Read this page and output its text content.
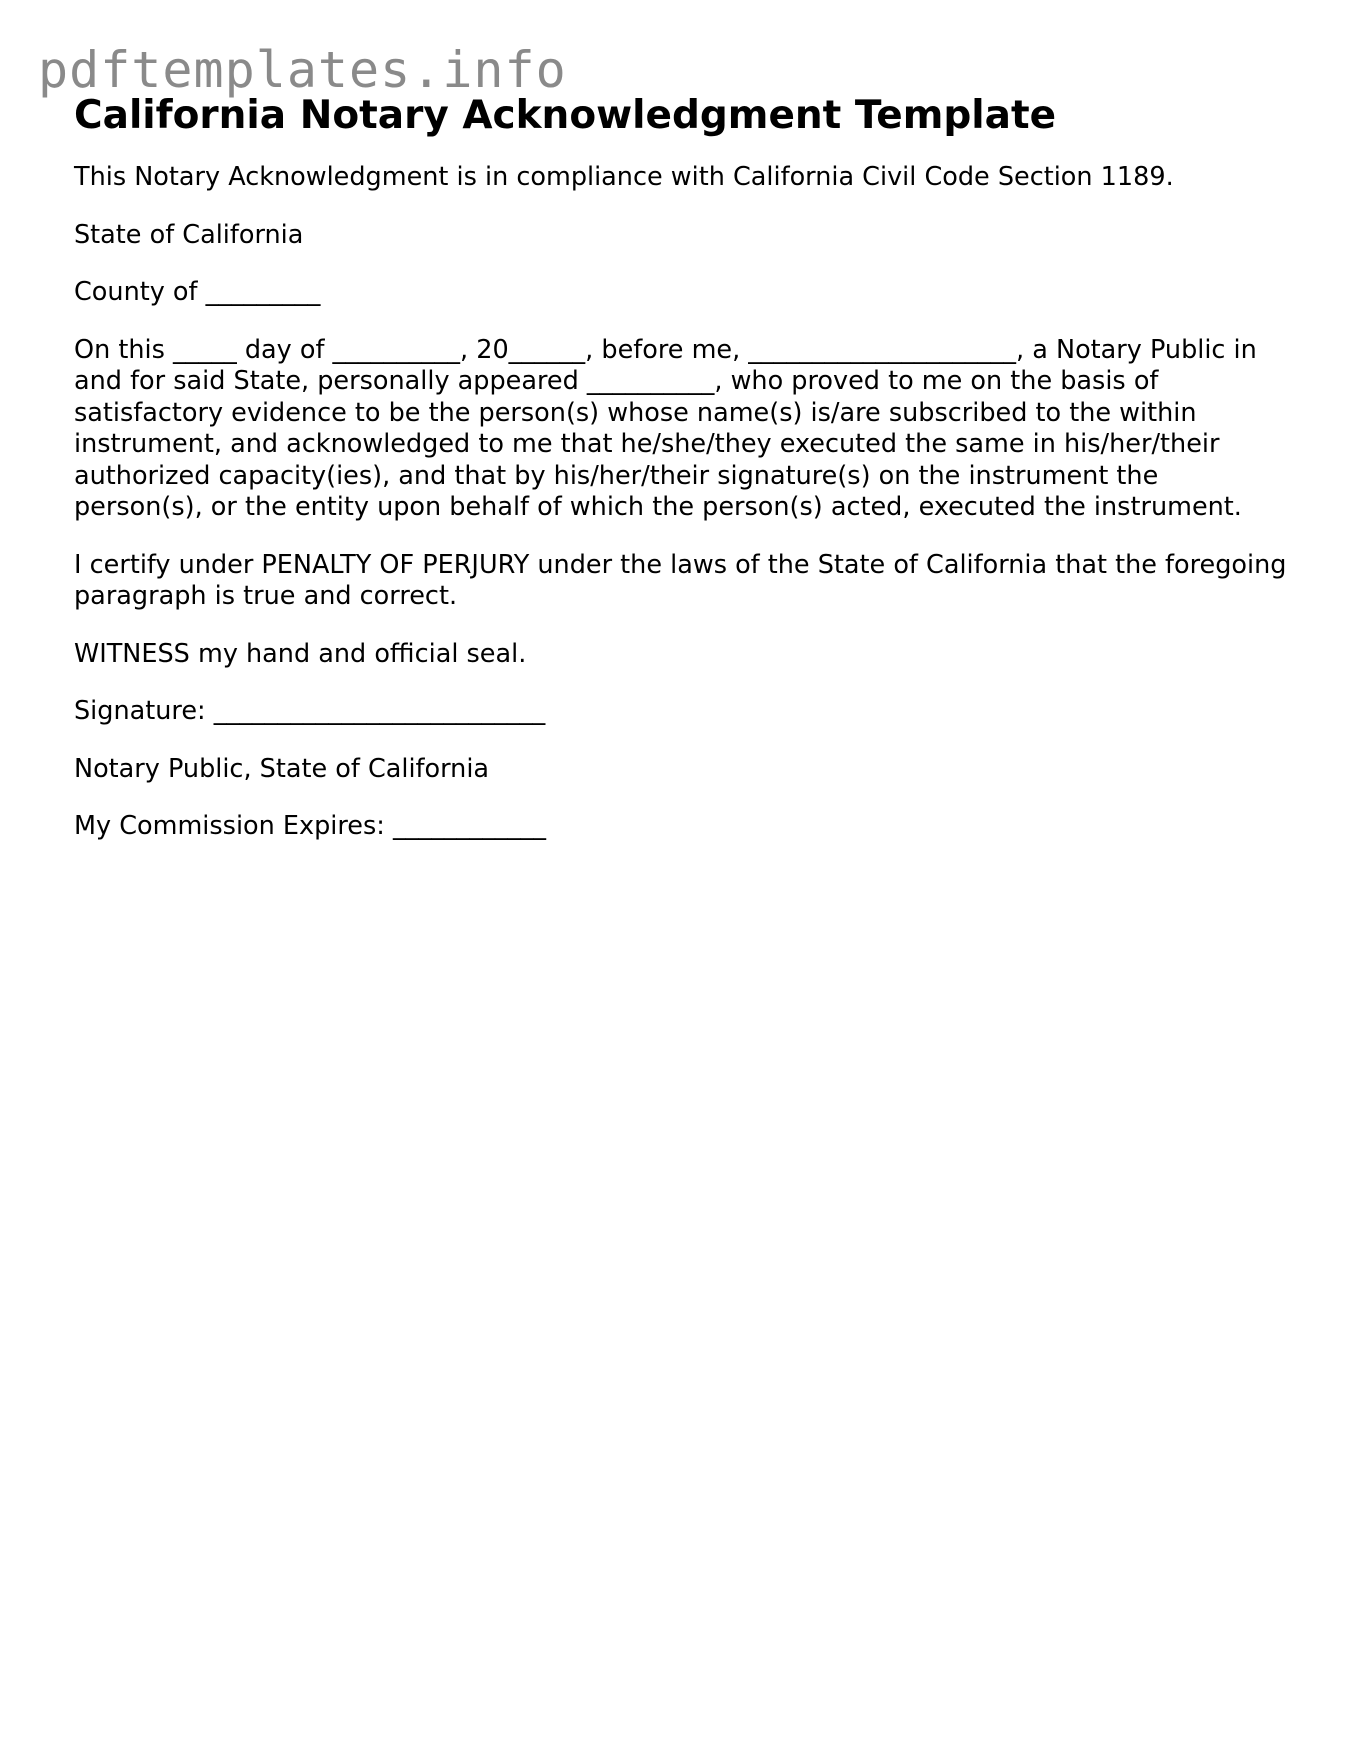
pdftemplates.info
California Notary Acknowledgment Template

This Notary Acknowledgment is in compliance with California Civil Code Section 1189.

State of California

County of _________

On this _____ day of __________, 20______, before me, _____________________, a Notary Public in and for said State, personally appeared __________, who proved to me on the basis of satisfactory evidence to be the person(s) whose name(s) is/are subscribed to the within instrument, and acknowledged to me that he/she/they executed the same in his/her/their authorized capacity(ies), and that by his/her/their signature(s) on the instrument the person(s), or the entity upon behalf of which the person(s) acted, executed the instrument.

I certify under PENALTY OF PERJURY under the laws of the State of California that the foregoing paragraph is true and correct.

WITNESS my hand and official seal.

Signature: __________________________

Notary Public, State of California

My Commission Expires: ____________
